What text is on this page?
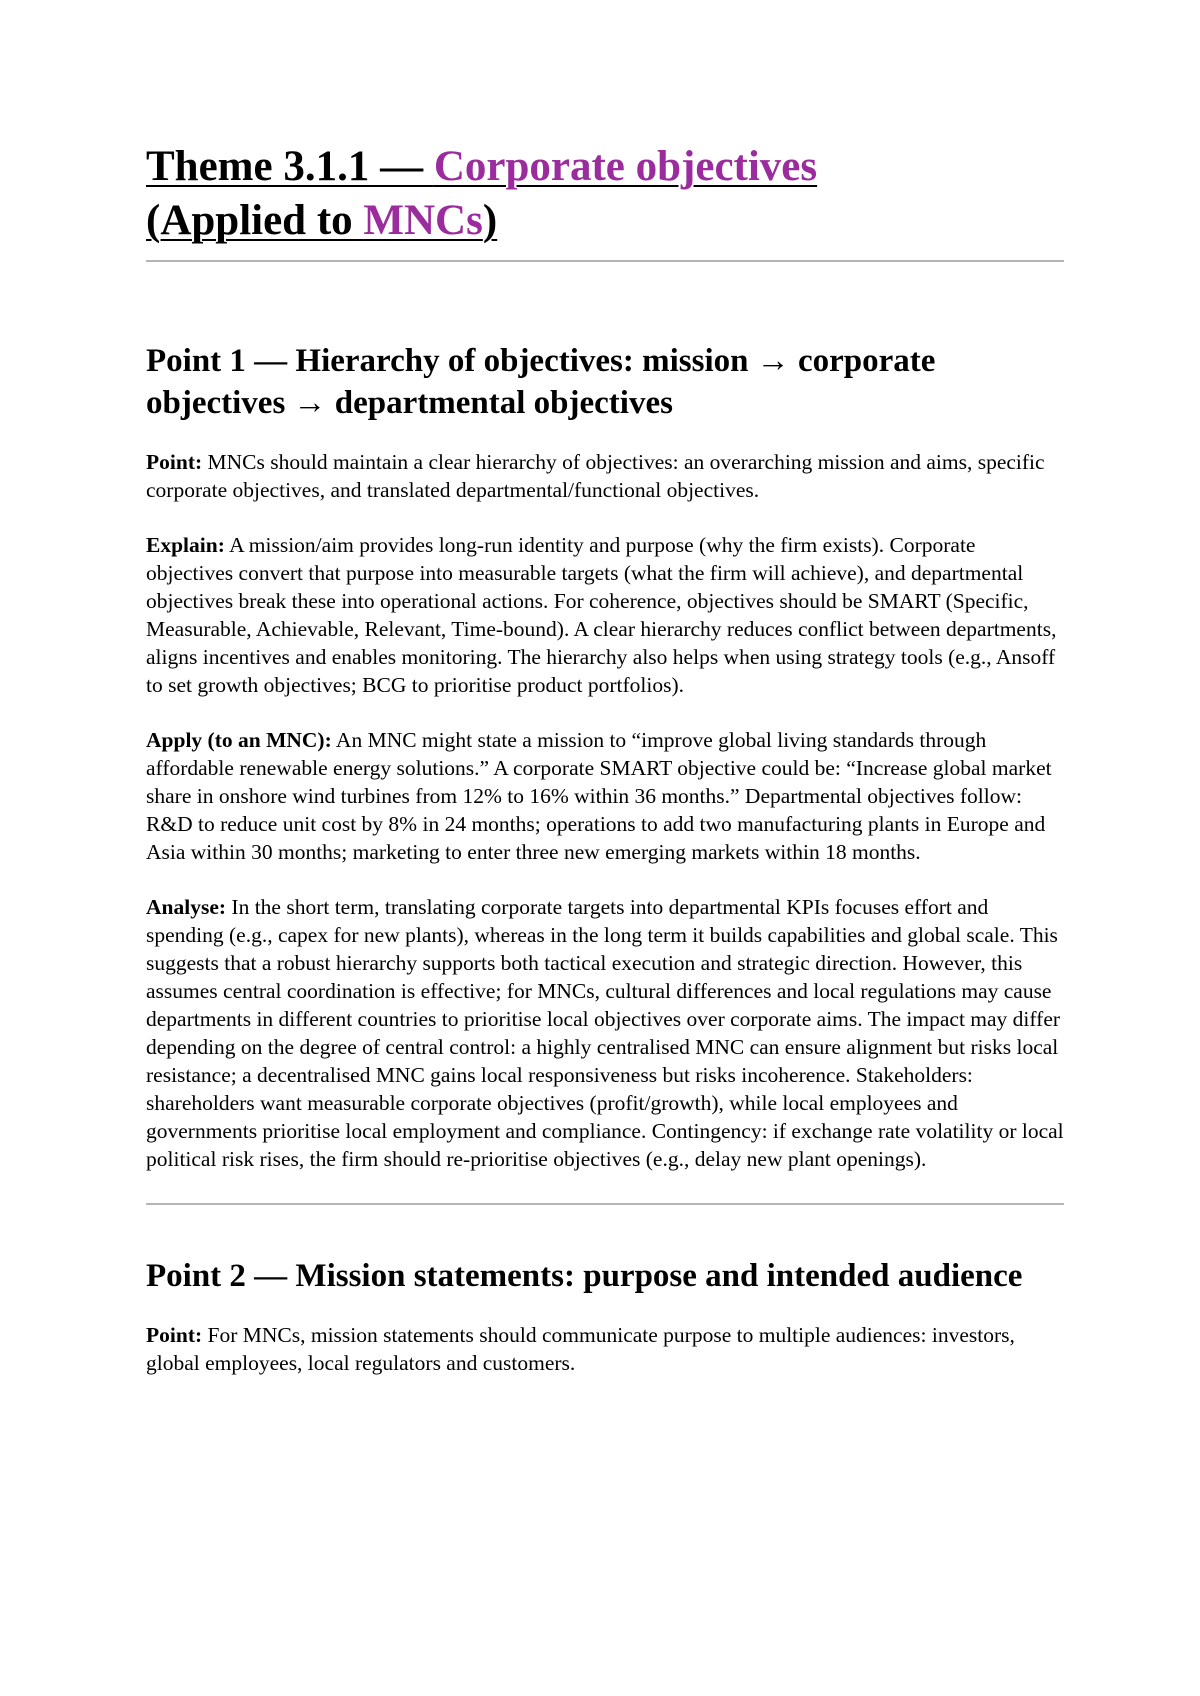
Theme 3.1.1 — Corporate objectives
(Applied to MNCs)
Point 1 — Hierarchy of objectives: mission → corporate objectives → departmental objectives

Point: MNCs should maintain a clear hierarchy of objectives: an overarching mission and aims, specific corporate objectives, and translated departmental/functional objectives.

Explain: A mission/aim provides long-run identity and purpose (why the firm exists). Corporate objectives convert that purpose into measurable targets (what the firm will achieve), and departmental objectives break these into operational actions. For coherence, objectives should be SMART (Specific, Measurable, Achievable, Relevant, Time-bound). A clear hierarchy reduces conflict between departments, aligns incentives and enables monitoring. The hierarchy also helps when using strategy tools (e.g., Ansoff to set growth objectives; BCG to prioritise product portfolios).

Apply (to an MNC): An MNC might state a mission to “improve global living standards through affordable renewable energy solutions.” A corporate SMART objective could be: “Increase global market share in onshore wind turbines from 12% to 16% within 36 months.” Departmental objectives follow: R&D to reduce unit cost by 8% in 24 months; operations to add two manufacturing plants in Europe and Asia within 30 months; marketing to enter three new emerging markets within 18 months.

Analyse: In the short term, translating corporate targets into departmental KPIs focuses effort and spending (e.g., capex for new plants), whereas in the long term it builds capabilities and global scale. This suggests that a robust hierarchy supports both tactical execution and strategic direction. However, this assumes central coordination is effective; for MNCs, cultural differences and local regulations may cause departments in different countries to prioritise local objectives over corporate aims. The impact may differ depending on the degree of central control: a highly centralised MNC can ensure alignment but risks local resistance; a decentralised MNC gains local responsiveness but risks incoherence. Stakeholders: shareholders want measurable corporate objectives (profit/growth), while local employees and governments prioritise local employment and compliance. Contingency: if exchange rate volatility or local political risk rises, the firm should re-prioritise objectives (e.g., delay new plant openings).

Point 2 — Mission statements: purpose and intended audience

Point: For MNCs, mission statements should communicate purpose to multiple audiences: investors, global employees, local regulators and customers.
